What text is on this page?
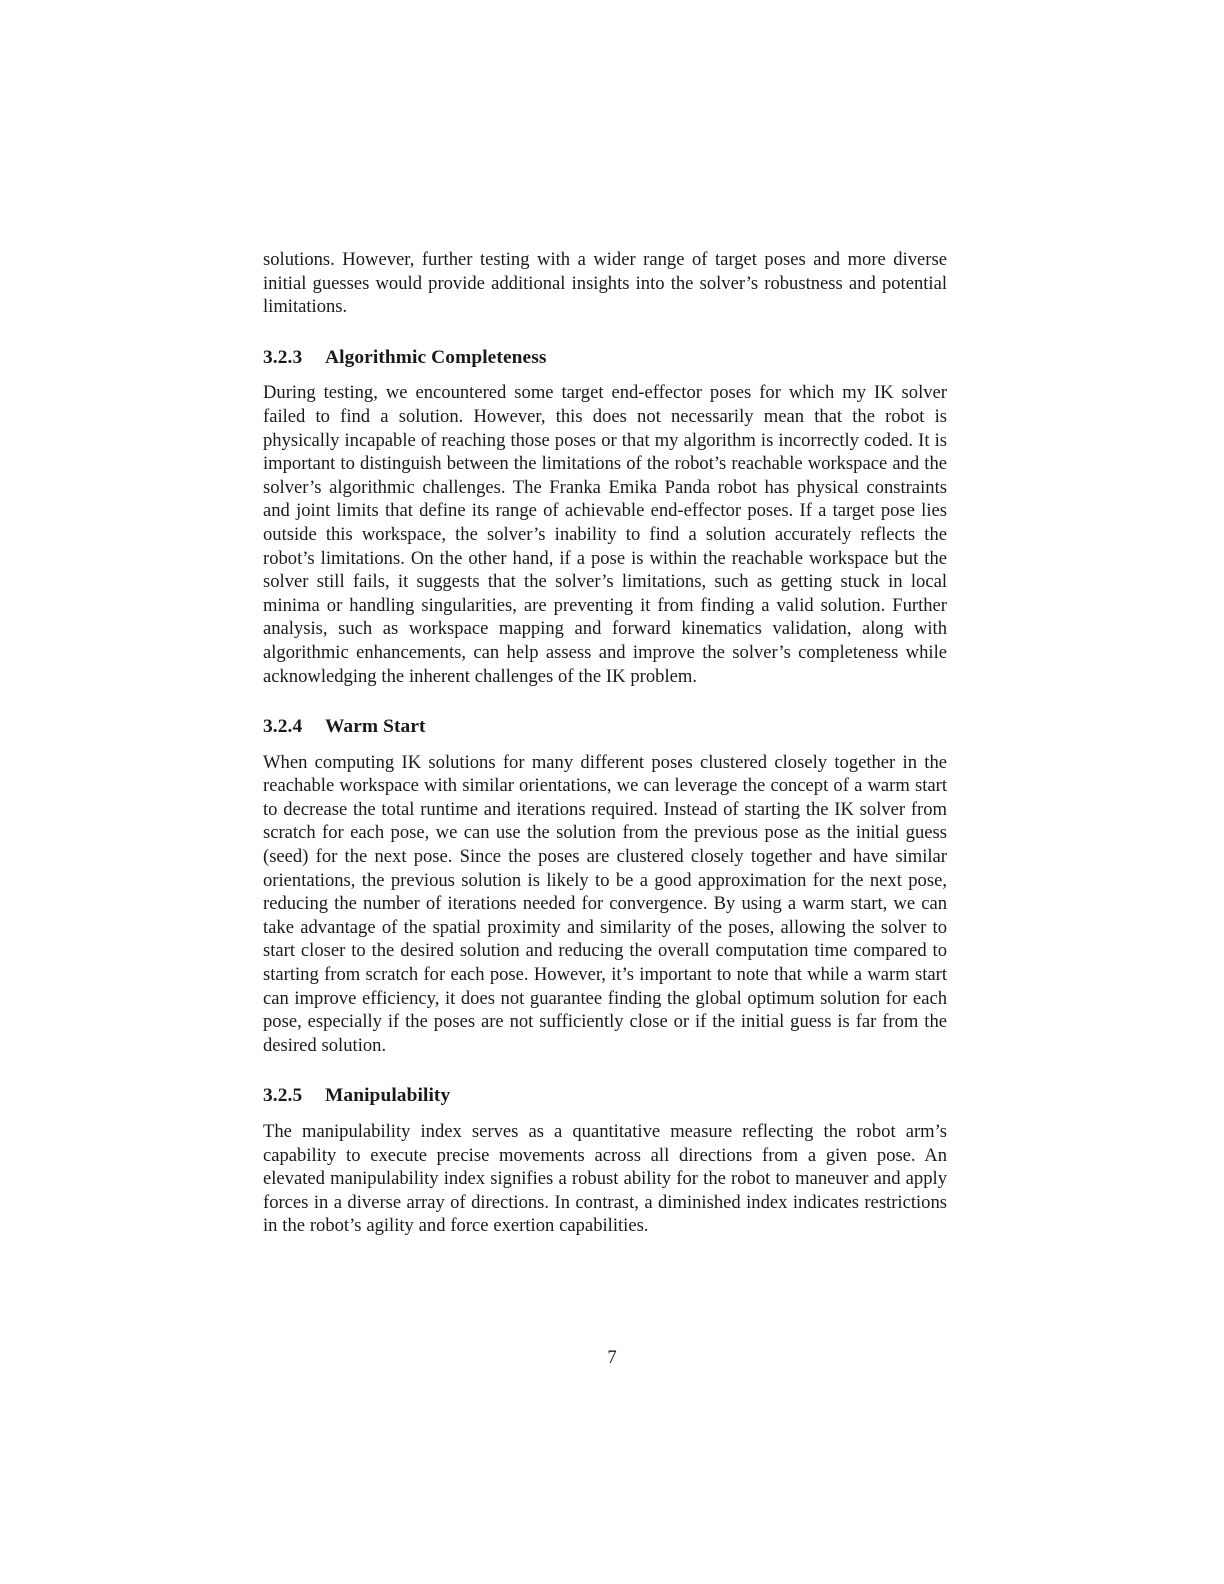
solutions. However, further testing with a wider range of target poses and more diverse initial guesses would provide additional insights into the solver’s robustness and potential limitations.

3.2.3 Algorithmic Completeness

During testing, we encountered some target end-effector poses for which my IK solver failed to find a solution. However, this does not necessarily mean that the robot is physically incapable of reaching those poses or that my algorithm is incorrectly coded. It is important to distinguish between the limitations of the robot’s reachable workspace and the solver’s algorithmic challenges. The Franka Emika Panda robot has physical constraints and joint limits that define its range of achievable end-effector poses. If a target pose lies outside this workspace, the solver’s inability to find a solution accurately reflects the robot’s limitations. On the other hand, if a pose is within the reachable workspace but the solver still fails, it suggests that the solver’s limitations, such as getting stuck in local minima or handling singularities, are preventing it from finding a valid solution. Further analysis, such as workspace mapping and forward kinematics validation, along with algorithmic enhancements, can help assess and improve the solver’s completeness while acknowledging the inherent challenges of the IK problem.

3.2.4 Warm Start

When computing IK solutions for many different poses clustered closely together in the reachable workspace with similar orientations, we can leverage the concept of a warm start to decrease the total runtime and iterations required. Instead of starting the IK solver from scratch for each pose, we can use the solution from the previous pose as the initial guess (seed) for the next pose. Since the poses are clustered closely together and have similar orientations, the previous solution is likely to be a good approximation for the next pose, reducing the number of iterations needed for convergence. By using a warm start, we can take advantage of the spatial proximity and similarity of the poses, allowing the solver to start closer to the desired solution and reducing the overall computation time compared to starting from scratch for each pose. However, it’s important to note that while a warm start can improve efficiency, it does not guarantee finding the global optimum solution for each pose, especially if the poses are not sufficiently close or if the initial guess is far from the desired solution.

3.2.5 Manipulability

The manipulability index serves as a quantitative measure reflecting the robot arm’s capability to execute precise movements across all directions from a given pose. An elevated manipulability index signifies a robust ability for the robot to maneuver and apply forces in a diverse array of directions. In contrast, a diminished index indicates restrictions in the robot’s agility and force exertion capabilities.

7
